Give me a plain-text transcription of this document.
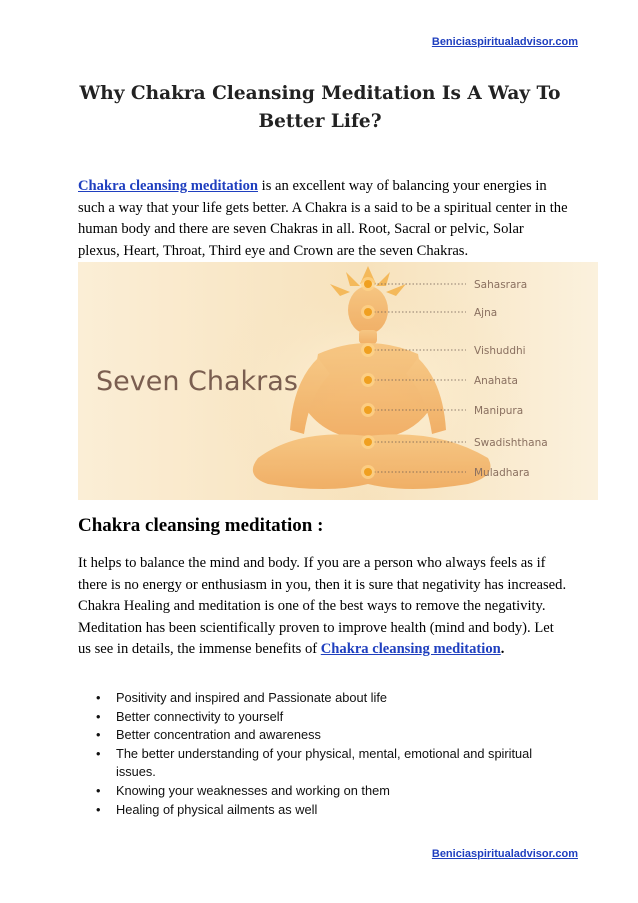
Beniciaspiritualadvisor.com
Why Chakra Cleansing Meditation Is A Way To
Better Life?
Chakra cleansing meditation is an excellent way of balancing your energies in such a way that your life gets better. A Chakra is a said to be a spiritual center in the human body and there are seven Chakras in all. Root, Sacral or pelvic, Solar plexus, Heart, Throat, Third eye and Crown are the seven Chakras.
Seven Chakras
Sahasrara
Ajna
Vishuddhi
Anahata
Manipura
Swadishthana
Muladhara
Chakra cleansing meditation :
It helps to balance the mind and body. If you are a person who always feels as if there is no energy or enthusiasm in you, then it is sure that negativity has increased. Chakra Healing and meditation is one of the best ways to remove the negativity. Meditation has been scientifically proven to improve health (mind and body). Let us see in details, the immense benefits of Chakra cleansing meditation.
• Positivity and inspired and Passionate about life
• Better connectivity to yourself
• Better concentration and awareness
• The better understanding of your physical, mental, emotional and spiritual issues.
• Knowing your weaknesses and working on them
• Healing of physical ailments as well
Beniciaspiritualadvisor.com
